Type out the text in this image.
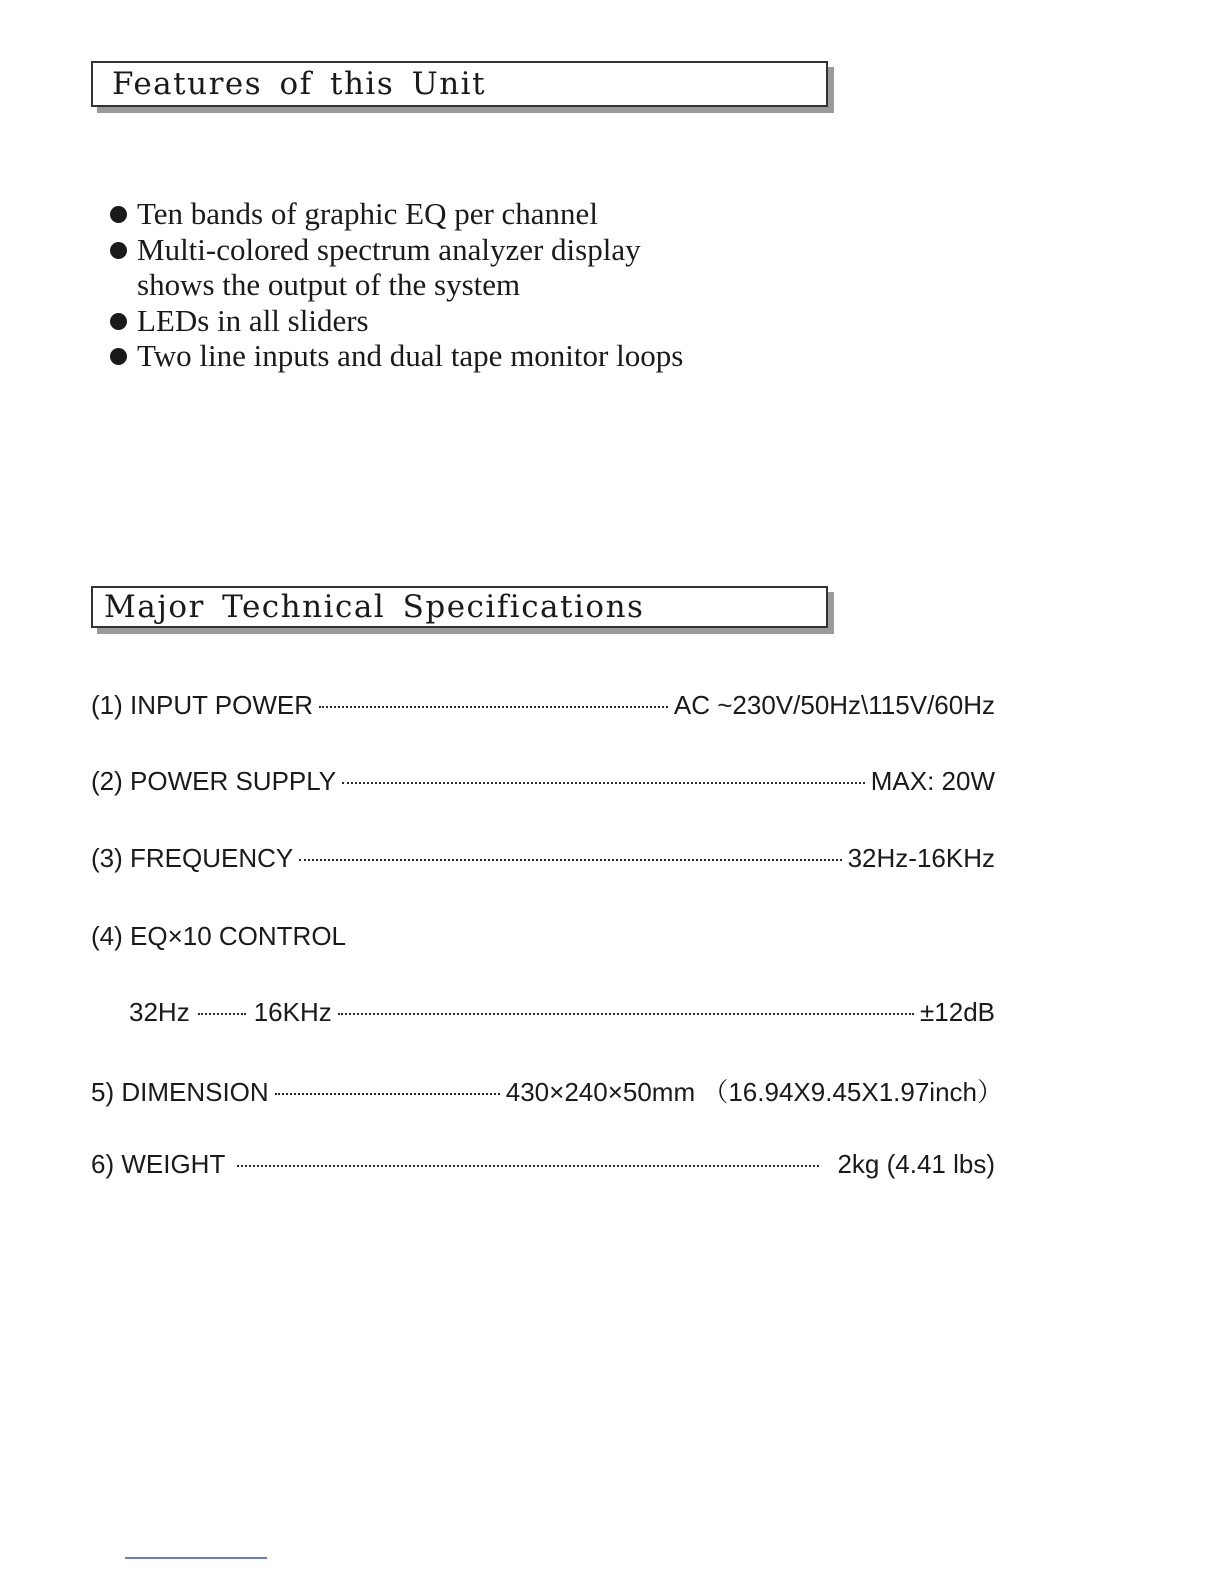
Features of this Unit
Ten bands of graphic EQ per channel
Multi-colored spectrum analyzer display
shows the output of the system
LEDs in all sliders
Two line inputs and dual tape monitor loops
Major Technical Specifications
(1) INPUT POWER	AC ~230V/50Hz\115V/60Hz
(2) POWER SUPPLY	MAX: 20W
(3) FREQUENCY	32Hz-16KHz
(4) EQ×10 CONTROL
32Hz 16KHz	±12dB
5) DIMENSION	430×240×50mm （16.94X9.45X1.97inch）
6) WEIGHT	2kg (4.41 lbs)
